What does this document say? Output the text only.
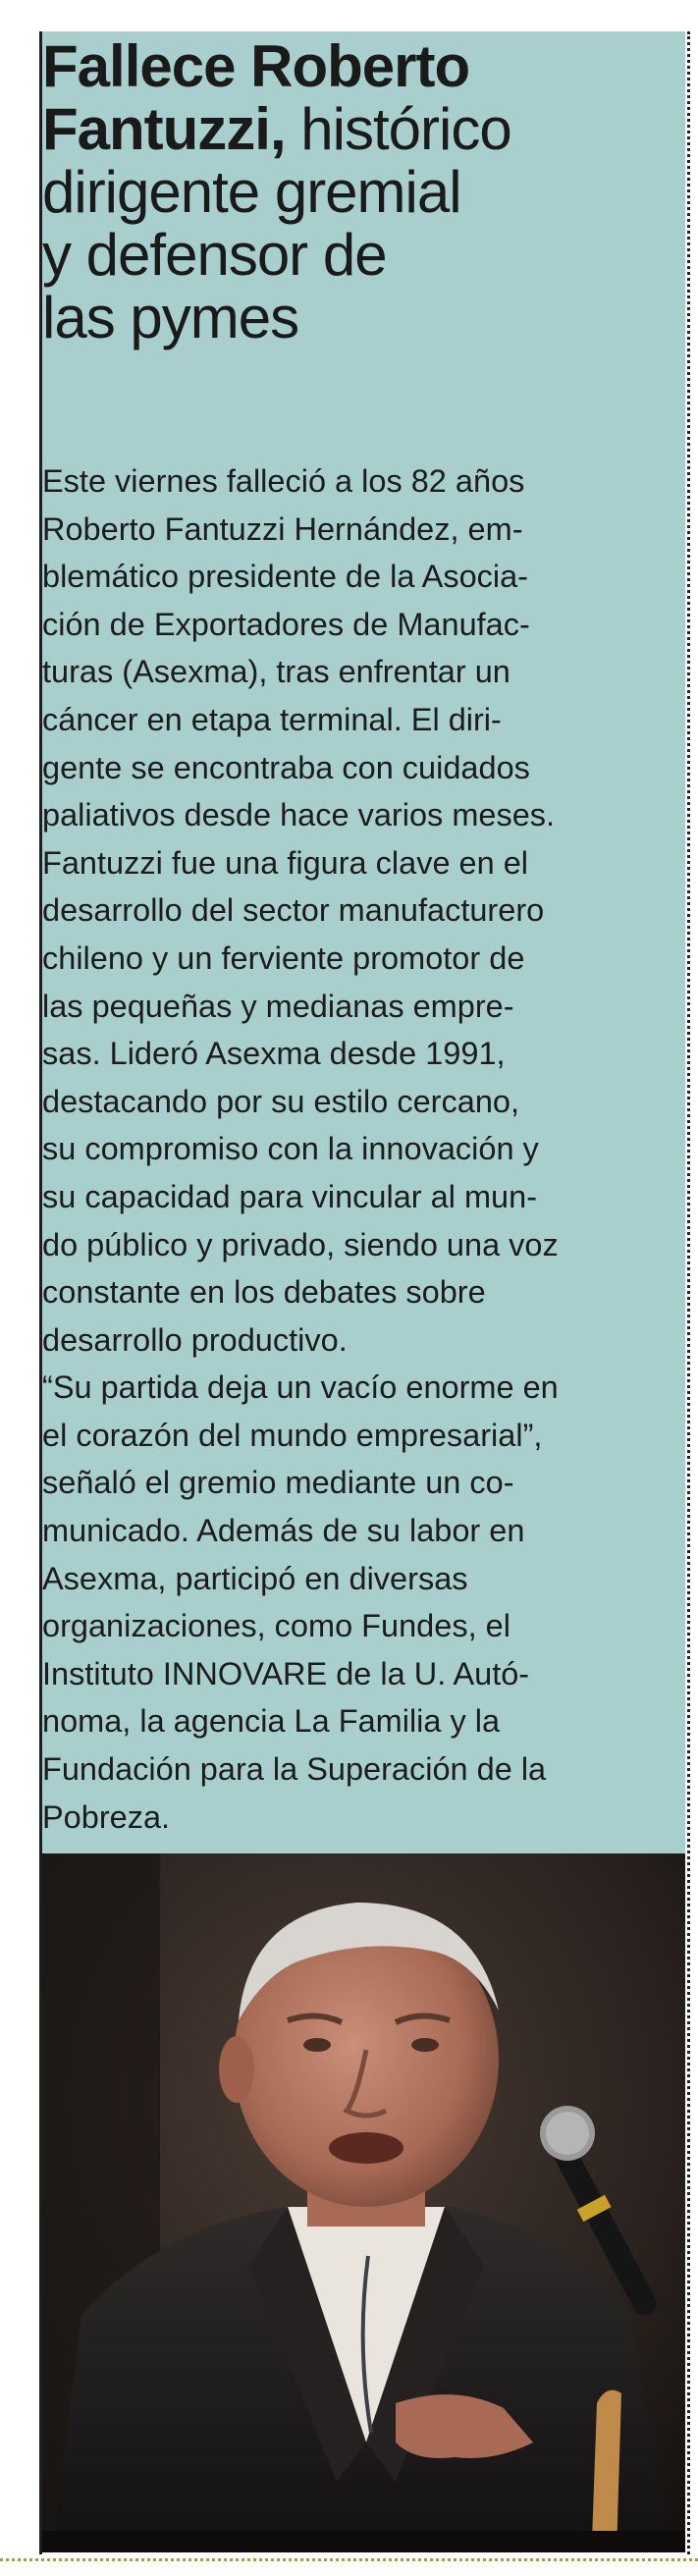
Fallece Roberto
Fantuzzi, histórico
dirigente gremial
y defensor de
las pymes
Este viernes falleció a los 82 años
Roberto Fantuzzi Hernández, em-
blemático presidente de la Asocia-
ción de Exportadores de Manufac-
turas (Asexma), tras enfrentar un
cáncer en etapa terminal. El diri-
gente se encontraba con cuidados
paliativos desde hace varios meses.
Fantuzzi fue una figura clave en el
desarrollo del sector manufacturero
chileno y un ferviente promotor de
las pequeñas y medianas empre-
sas. Lideró Asexma desde 1991,
destacando por su estilo cercano,
su compromiso con la innovación y
su capacidad para vincular al mun-
do público y privado, siendo una voz
constante en los debates sobre
desarrollo productivo.
“Su partida deja un vacío enorme en
el corazón del mundo empresarial”,
señaló el gremio mediante un co-
municado. Además de su labor en
Asexma, participó en diversas
organizaciones, como Fundes, el
Instituto INNOVARE de la U. Autó-
noma, la agencia La Familia y la
Fundación para la Superación de la
Pobreza.
